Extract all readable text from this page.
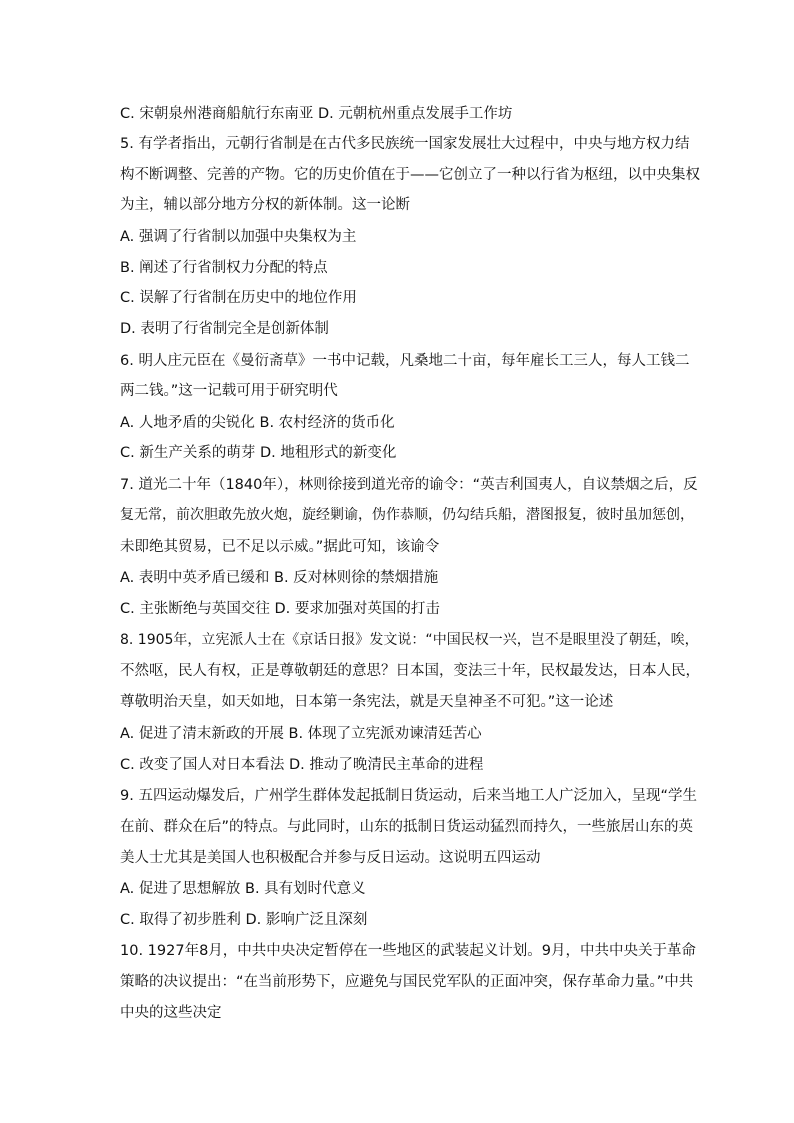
C. 宋朝泉州港商船航行东南亚 D. 元朝杭州重点发展手工作坊
5. 有学者指出，元朝行省制是在古代多民族统一国家发展壮大过程中，中央与地方权力结
构不断调整、完善的产物。它的历史价值在于——它创立了一种以行省为枢纽，以中央集权
为主，辅以部分地方分权的新体制。这一论断
A. 强调了行省制以加强中央集权为主
B. 阐述了行省制权力分配的特点
C. 误解了行省制在历史中的地位作用
D. 表明了行省制完全是创新体制
6. 明人庄元臣在《曼衍斋草》一书中记载，凡桑地二十亩，每年雇长工三人，每人工钱二
两二钱。”这一记载可用于研究明代
A. 人地矛盾的尖锐化 B. 农村经济的货币化
C. 新生产关系的萌芽 D. 地租形式的新变化
7. 道光二十年（1840年），林则徐接到道光帝的谕令：“英吉利国夷人，自议禁烟之后，反
复无常，前次胆敢先放火炮，旋经剿谕，伪作恭顺，仍勾结兵船，潜图报复，彼时虽加惩创，
未即绝其贸易，已不足以示威。”据此可知，该谕令
A. 表明中英矛盾已缓和 B. 反对林则徐的禁烟措施
C. 主张断绝与英国交往 D. 要求加强对英国的打击
8. 1905年，立宪派人士在《京话日报》发文说：“中国民权一兴，岂不是眼里没了朝廷，唉，
不然呕，民人有权，正是尊敬朝廷的意思？日本国，变法三十年，民权最发达，日本人民，
尊敬明治天皇，如天如地，日本第一条宪法，就是天皇神圣不可犯。”这一论述
A. 促进了清末新政的开展 B. 体现了立宪派劝谏清廷苦心
C. 改变了国人对日本看法 D. 推动了晚清民主革命的进程
9. 五四运动爆发后，广州学生群体发起抵制日货运动，后来当地工人广泛加入，呈现“学生
在前、群众在后”的特点。与此同时，山东的抵制日货运动猛烈而持久，一些旅居山东的英
美人士尤其是美国人也积极配合并参与反日运动。这说明五四运动
A. 促进了思想解放 B. 具有划时代意义
C. 取得了初步胜利 D. 影响广泛且深刻
10. 1927年8月，中共中央决定暂停在一些地区的武装起义计划。9月，中共中央关于革命
策略的决议提出：“在当前形势下，应避免与国民党军队的正面冲突，保存革命力量。”中共
中央的这些决定
